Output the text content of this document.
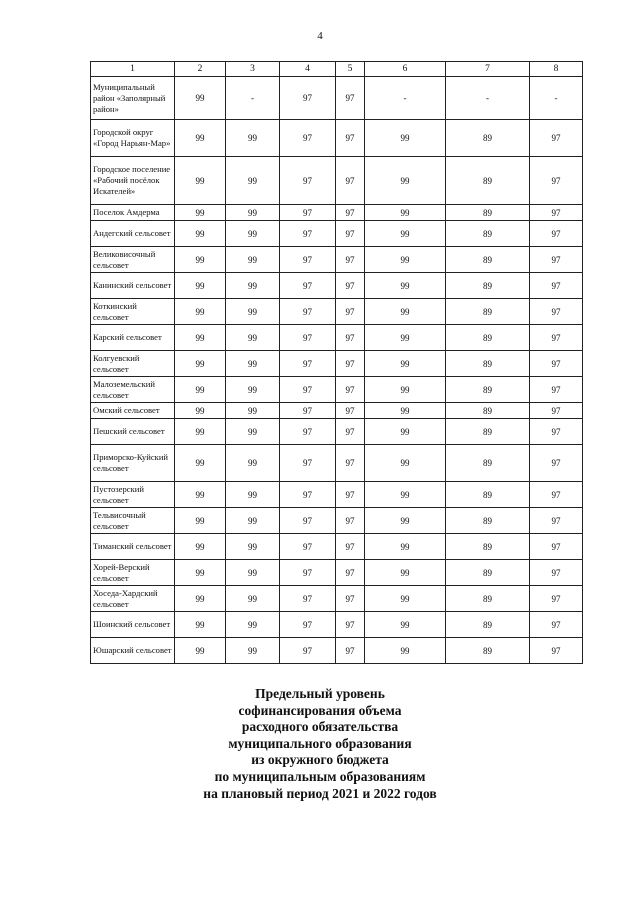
4
1	2	3	4	5	6	7	8
Муниципальный район «Заполярный район»	99	-	97	97	-	-	-
Городской округ «Город Нарьян-Мар»	99	99	97	97	99	89	97
Городское поселение «Рабочий посёлок Искателей»	99	99	97	97	99	89	97
Поселок Амдерма	99	99	97	97	99	89	97
Андегский сельсовет	99	99	97	97	99	89	97
Великовисочный сельсовет	99	99	97	97	99	89	97
Канинский сельсовет	99	99	97	97	99	89	97
Коткинский сельсовет	99	99	97	97	99	89	97
Карский сельсовет	99	99	97	97	99	89	97
Колгуевский сельсовет	99	99	97	97	99	89	97
Малоземельский сельсовет	99	99	97	97	99	89	97
Омский сельсовет	99	99	97	97	99	89	97
Пешский сельсовет	99	99	97	97	99	89	97
Приморско-Куйский сельсовет	99	99	97	97	99	89	97
Пустозерский сельсовет	99	99	97	97	99	89	97
Тельвисочный сельсовет	99	99	97	97	99	89	97
Тиманский сельсовет	99	99	97	97	99	89	97
Хорей-Верский сельсовет	99	99	97	97	99	89	97
Хоседа-Хардский сельсовет	99	99	97	97	99	89	97
Шоинский сельсовет	99	99	97	97	99	89	97
Юшарский сельсовет	99	99	97	97	99	89	97
Предельный уровень
софинансирования объема
расходного обязательства
муниципального образования
из окружного бюджета
по муниципальным образованиям
на плановый период 2021 и 2022 годов
